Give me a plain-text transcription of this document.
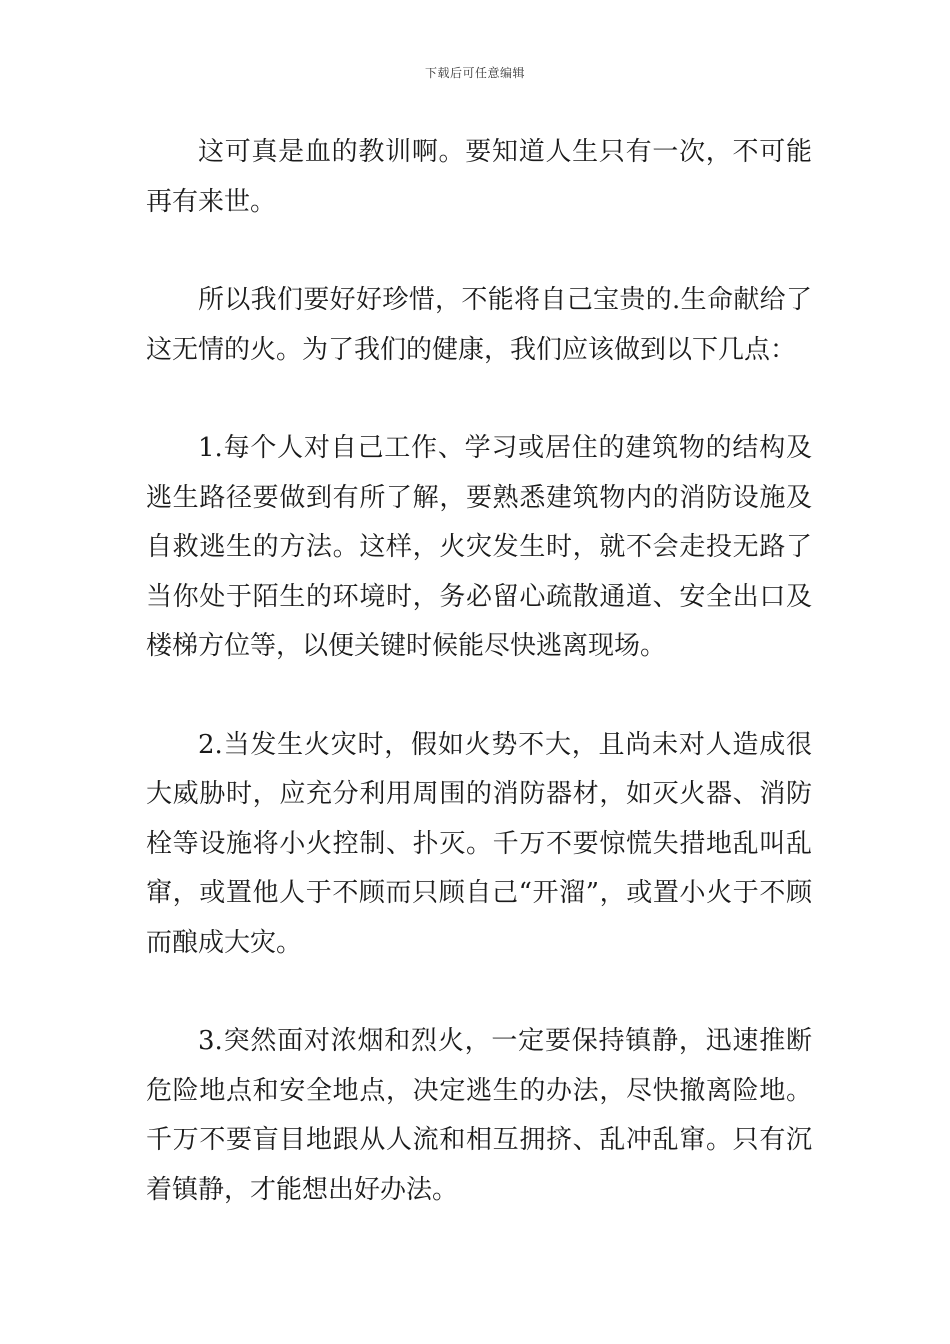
下载后可任意编辑

这可真是血的教训啊。要知道人生只有一次，不可能再有来世。

所以我们要好好珍惜，不能将自己宝贵的.生命献给了这无情的火。为了我们的健康，我们应该做到以下几点：

1.每个人对自己工作、学习或居住的建筑物的结构及逃生路径要做到有所了解，要熟悉建筑物内的消防设施及自救逃生的方法。这样，火灾发生时，就不会走投无路了当你处于陌生的环境时，务必留心疏散通道、安全出口及楼梯方位等，以便关键时候能尽快逃离现场。

2.当发生火灾时，假如火势不大，且尚未对人造成很大威胁时，应充分利用周围的消防器材，如灭火器、消防栓等设施将小火控制、扑灭。千万不要惊慌失措地乱叫乱窜，或置他人于不顾而只顾自己“开溜”，或置小火于不顾而酿成大灾。

3.突然面对浓烟和烈火，一定要保持镇静，迅速推断危险地点和安全地点，决定逃生的办法，尽快撤离险地。千万不要盲目地跟从人流和相互拥挤、乱冲乱窜。只有沉着镇静，才能想出好办法。
